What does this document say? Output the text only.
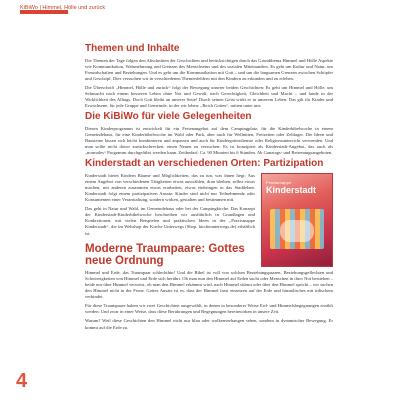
KiBiWo | Himmel, Hölle und zurück
Themen und Inhalte

Die Themen der Tage folgen den Abschnitten der Geschichten und berücksichtigen durch das Grundthema Himmel und Hölle Aspekte wie Kommunikation, Wahrnehmung und Grenzen des Menschseins und des sozialen Miteinanders. Es geht um Kultur und Natur, um Freundschaften und Beziehungen. Und es geht um die Kommunikation mit Gott – und um die langsamen Grenzen zwischen Schöpfer und Geschöpf. Dies versuchen wir in verschiedenen Themenfeldern mit den Kindern zu erkunden und zu erleben.

Die Überschrift „Himmel, Hölle und zurück“ folgt der Bewegung unserer beiden Geschichten: Es geht um Himmel und Hölle, um Sehnsucht nach einem besseren Leben ohne Not und Gewalt, nach Gerechtigkeit, Gleichheit und Macht – und lande in der Wirklichkeit des Alltags. Doch Gott bleibt an unserer Seite! Durch seinen Geist wirkt er in unserem Leben. Das gilt für Kinder und Erwachsene, für jede Gruppe und Gemeinde, in der wir leben: „Reich Gottes“, mitten unter uns.

Die KiBiWo für viele Gelegenheiten

Diesen Kinderprogramm ist entwickelt für ein Ferienangebot auf dem Campingplatz, für die Kinderbibelwoche in einem Gemeindehaus, für eine Kinderbibelwoche im Wald oder Park, aber auch für Wellnitten, Freizeiten oder Zeltlager. Die Ideen und Bausteine lassen sich leicht kombinieren und anpassen und auch für Kindergottesdienste oder Religionsunterricht verwenden. Und man sollte nicht davor zurückschrecken, einen Neuen zu versuchen: Es ist konzipiert als Kinderstadt-Angebot, das auch als „normales“ Programm durchgeführt werden kann. Zeitbedarf: Ca. 90 Minuten bis 6 Stunden. Ab Ganztags- und Betreuungsangeboten.

Kinderstadt an verschiedenen Orten: Partizipation
Praxismappe
Kinderstadt

Kinderstadt bietet Kindern Räume und Möglichkeiten, das zu tun, was ihnen liegt: Aus einem Angebot von verschiedenen Tätigkeiten etwas auswählen, dran bleiben, selbst etwas machen, mit anderen zusammen etwas erarbeiten, etwas einbringen in das Stadtleben. Kinderstadt folgt einem partizipativen Ansatz: Kinder sind nicht nur Teilnehmende oder Konsumenten einer Veranstaltung, sondern wirken, gestalten und bestimmen mit.

Das geht in Natur und Wald, im Gemeindehaus oder bei der Campingkirche. Das Konzept der Kinderstadt-Kinderbibelwoche beschreiben wir ausführlich in Grundlagen und Konkretionen, mit vielen Beispielen und praktischen Ideen in der „Praxismappe Kinderstadt“, die im Webshop der Kirche Unterwegs (Shop. kircheunterwegs.de) erhältlich ist.

Moderne Traumpaare: Gottes neue Ordnung

Himmel und Erde, das Traumpaar schlechthin! Und die Bibel ist voll von solchen Beziehungspaaren, Beziehungsgeflechten und Schwierigkeiten von Himmel und Erde sich herührt. Ob man nun den Himmel auf Erden sucht oder Menschen in ihrer Not beistehen – beide nur über Himmel verweist, ob man den Himmel erkämmt wird, nach Himmel stürmt oder über den Himmel spricht – wir suchen den Himmel nicht in der Ferne. Gottes Ansatz ist es, dass der Himmel fasst einsetzen auf der Erde und himmlisches mit irdischem verbindet.

Für diese Traumpaare haben wir zwei Geschichten ausgewählt, in denen in besonderer Weise Erd- und Himmelsbegegnungen erzählt werden. Und zwar in einer Weise, dass diese Berührungen und Begegnungen hereinwirken in unsere Zeit.

Warum? Weil diese Geschichten den Himmel nicht nur blau oder wolkenverhangen sehen, sondern in dynamischer Bewegung. Er kommt auf die Erde zu.

4
